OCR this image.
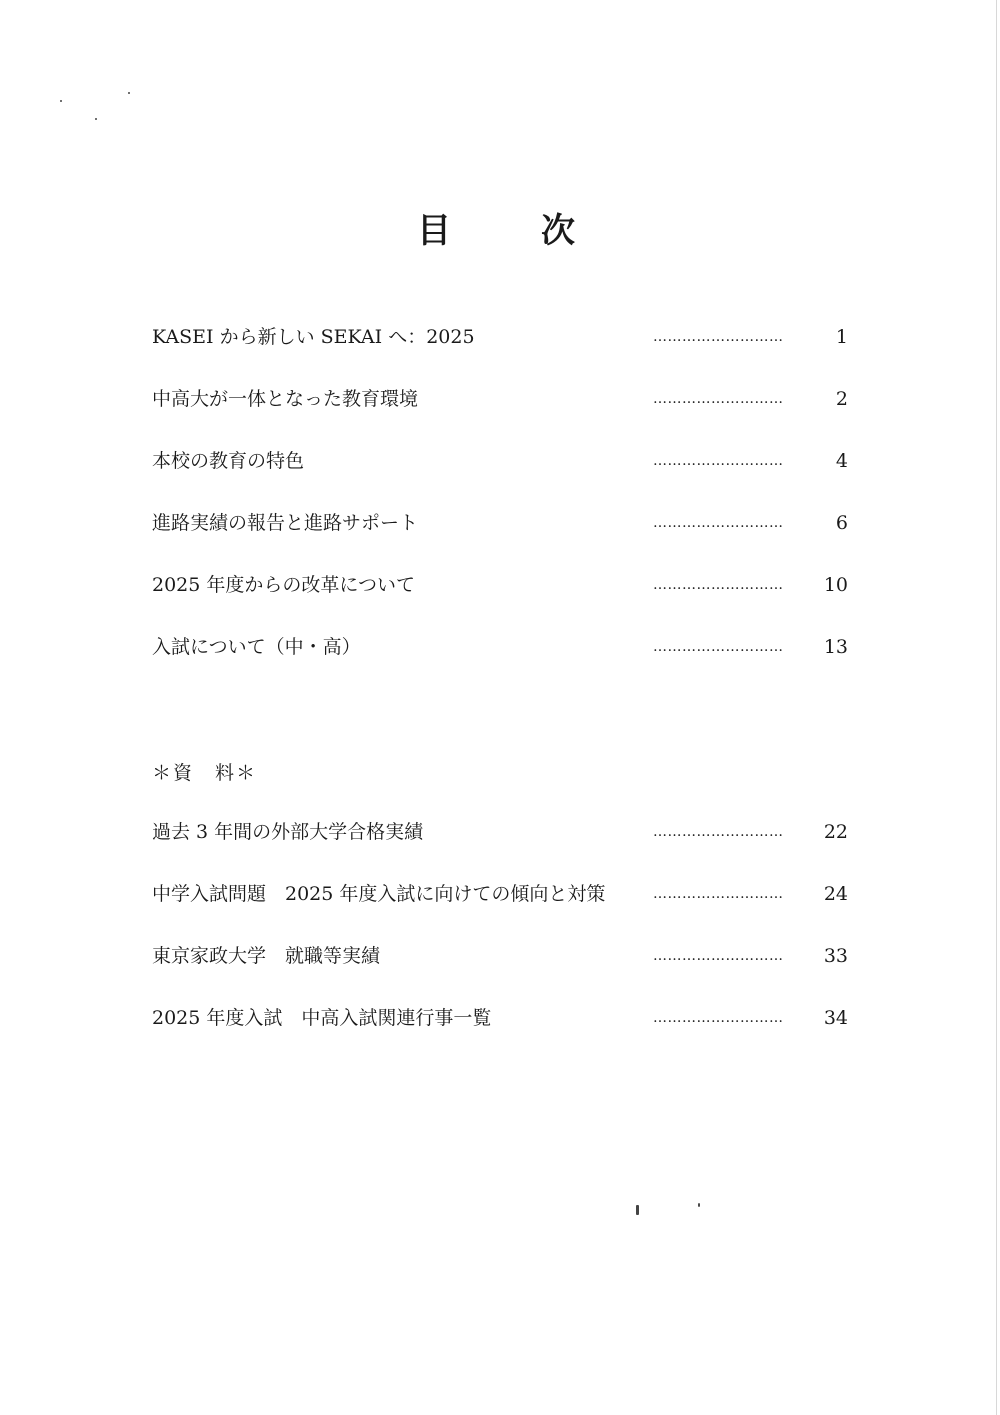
目　次
KASEI から新しい SEKAI へ：2025	………………………	1
中高大が一体となった教育環境	………………………	2
本校の教育の特色	………………………	4
進路実績の報告と進路サポート	………………………	6
2025 年度からの改革について	……………………… 10
入試について（中・高）	……………………… 13
＊資　料＊
過去 3 年間の外部大学合格実績	……………………… 22
中学入試問題　2025 年度入試に向けての傾向と対策	……………………… 24
東京家政大学　就職等実績	……………………… 33
2025 年度入試　中高入試関連行事一覧	……………………… 34
